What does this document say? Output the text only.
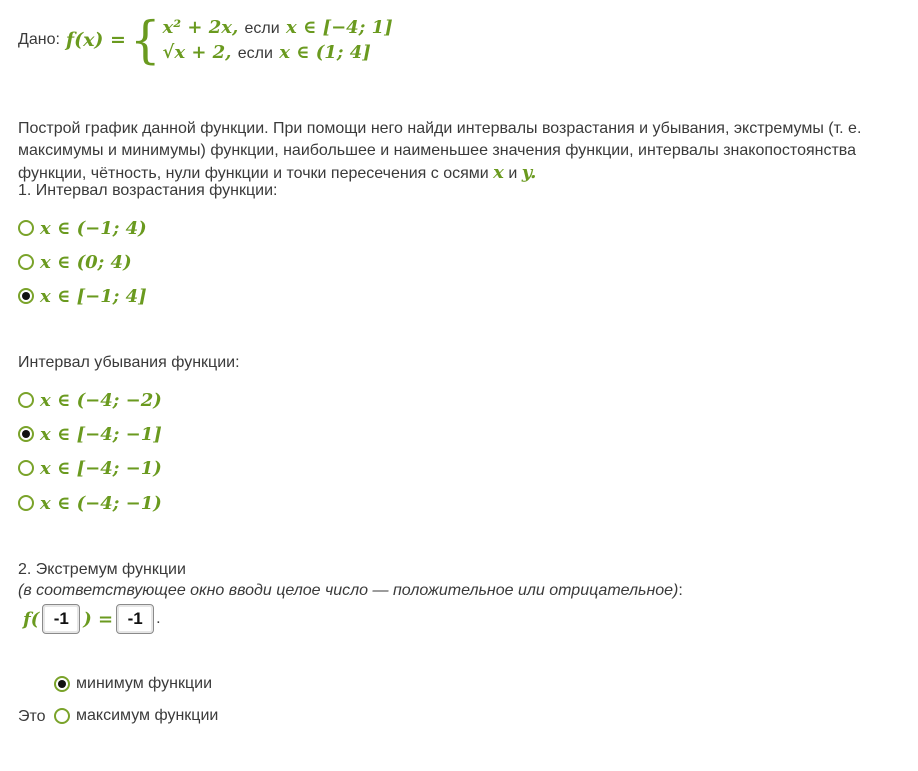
Дано: f(x) = { x² + 2x, если x ∈ [−4; 1]
√x + 2, если x ∈ (1; 4]
Построй график данной функции. При помощи него найди интервалы возрастания и убывания, экстремумы (т. е. максимумы и минимумы) функции, наибольшее и наименьшее значения функции, интервалы знакопостоянства функции, чётность, нули функции и точки пересечения с осями x и y.
1. Интервал возрастания функции:
x ∈ (−1; 4)
x ∈ (0; 4)
x ∈ [−1; 4]
Интервал убывания функции:
x ∈ (−4; −2)
x ∈ [−4; −1]
x ∈ [−4; −1)
x ∈ (−4; −1)
2. Экстремум функции
(в соответствующее окно вводи целое число — положительное или отрицательное):
f( -1 ) = -1 .
минимум функции
Это максимум функции
